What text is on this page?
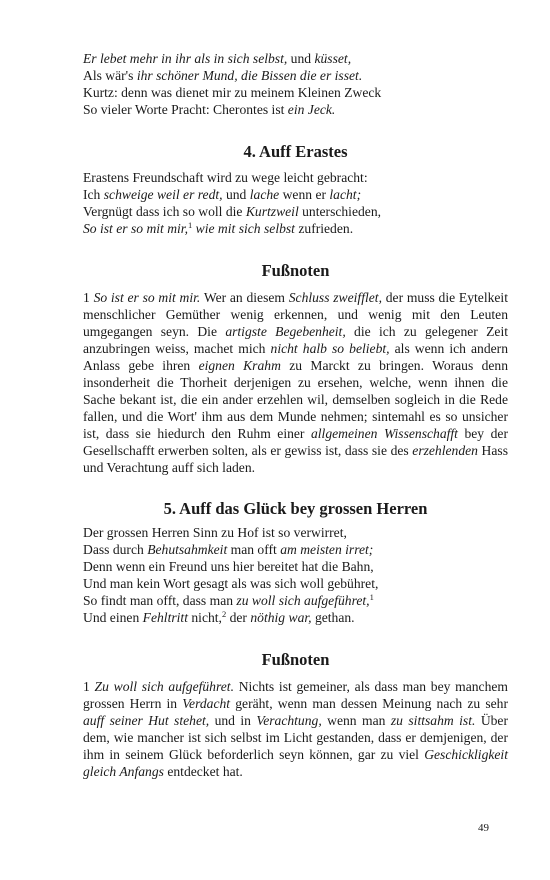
Er lebet mehr in ihr als in sich selbst, und küsset,
Als wär's ihr schöner Mund, die Bissen die er isset.
Kurtz: denn was dienet mir zu meinem Kleinen Zweck
So vieler Worte Pracht: Cherontes ist ein Jeck.
4. Auff Erastes
Erastens Freundschaft wird zu wege leicht gebracht:
Ich schweige weil er redt, und lache wenn er lacht;
Vergnügt dass ich so woll die Kurtzweil unterschieden,
So ist er so mit mir,$^1$ wie mit sich selbst zufrieden.
Fußnoten
1 So ist er so mit mir. Wer an diesem Schluss zweifflet, der muss die Eytelkeit menschlicher Gemüther wenig erkennen, und wenig mit den Leuten umgegangen seyn. Die artigste Begebenheit, die ich zu gelegener Zeit anzubringen weiss, machet mich nicht halb so beliebt, als wenn ich andern Anlass gebe ihren eignen Krahm zu Marckt zu bringen. Woraus denn insonderheit die Thorheit derjenigen zu ersehen, welche, wenn ihnen die Sache bekant ist, die ein ander erzehlen wil, demselben sogleich in die Rede fallen, und die Wort' ihm aus dem Munde nehmen; sintemahl es so unsicher ist, dass sie hiedurch den Ruhm einer allgemeinen Wissenschafft bey der Gesellschafft erwerben solten, als er gewiss ist, dass sie des erzehlenden Hass und Verachtung auff sich laden.
5. Auff das Glück bey grossen Herren
Der grossen Herren Sinn zu Hof ist so verwirret,
Dass durch Behutsahmkeit man offt am meisten irret;
Denn wenn ein Freund uns hier bereitet hat die Bahn,
Und man kein Wort gesagt als was sich woll gebühret,
So findt man offt, dass man zu woll sich aufgeführet,$^1$
Und einen Fehltritt nicht,$^2$ der nöthig war, gethan.
Fußnoten
1 Zu woll sich aufgeführet. Nichts ist gemeiner, als dass man bey manchem grossen Herrn in Verdacht geräht, wenn man dessen Meinung nach zu sehr auff seiner Hut stehet, und in Verachtung, wenn man zu sittsahm ist. Über dem, wie mancher ist sich selbst im Licht gestanden, dass er demjenigen, der ihm in seinem Glück beforderlich seyn können, gar zu viel Geschickligkeit gleich Anfangs entdecket hat.
49
